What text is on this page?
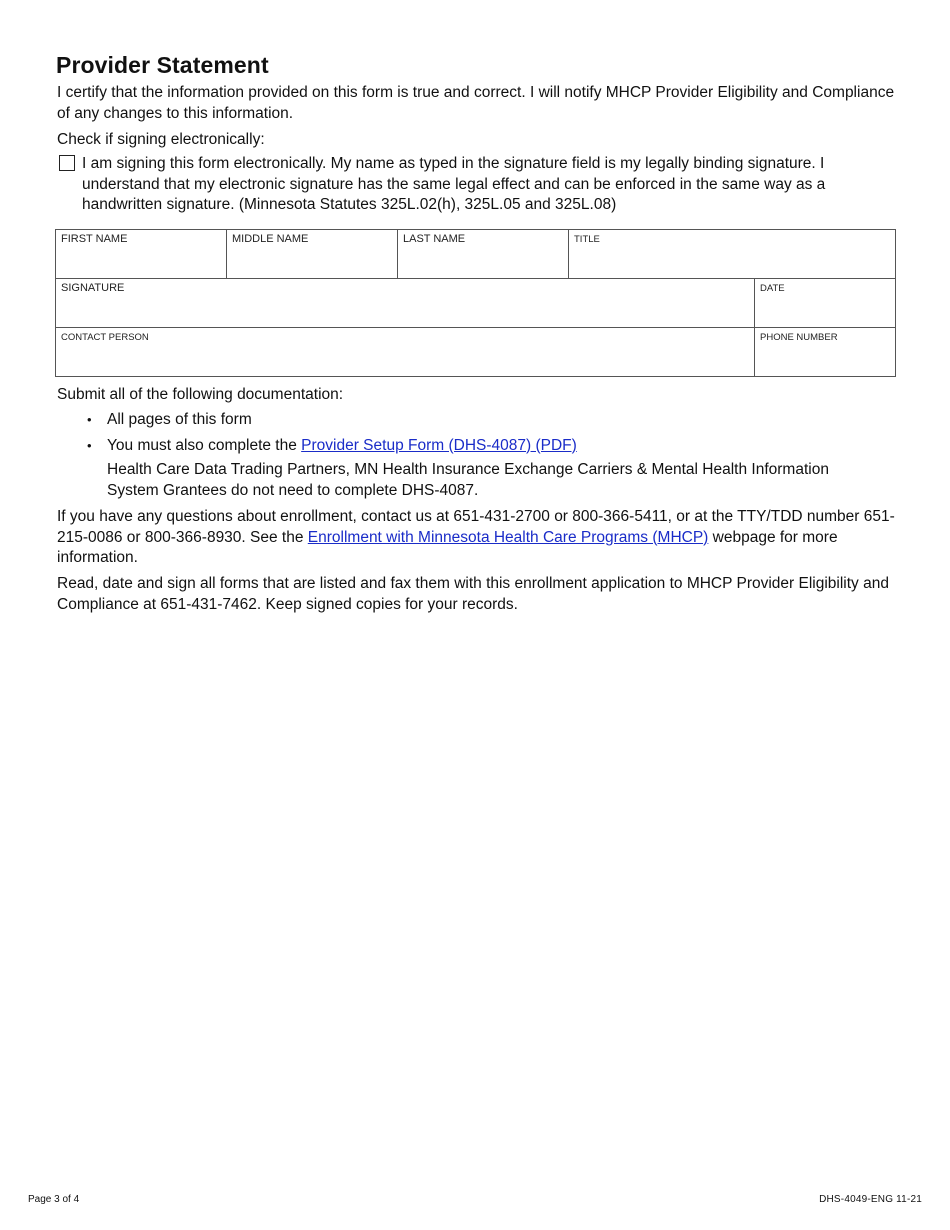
Provider Statement

I certify that the information provided on this form is true and correct. I will notify MHCP Provider Eligibility and Compliance of any changes to this information.

Check if signing electronically:

I am signing this form electronically. My name as typed in the signature field is my legally binding signature. I understand that my electronic signature has the same legal effect and can be enforced in the same way as a handwritten signature. (Minnesota Statutes 325L.02(h), 325L.05 and 325L.08)

FIRST NAME	MIDDLE NAME	LAST NAME	TITLE	

SIGNATURE				DATE

CONTACT PERSON				PHONE NUMBER

Submit all of the following documentation:

• All pages of this form
• You must also complete the Provider Setup Form (DHS-4087) (PDF)
Health Care Data Trading Partners, MN Health Insurance Exchange Carriers & Mental Health Information System Grantees do not need to complete DHS-4087.

If you have any questions about enrollment, contact us at 651-431-2700 or 800-366-5411, or at the TTY/TDD number 651-215-0086 or 800-366-8930. See the Enrollment with Minnesota Health Care Programs (MHCP) webpage for more information.

Read, date and sign all forms that are listed and fax them with this enrollment application to MHCP Provider Eligibility and Compliance at 651-431-7462. Keep signed copies for your records.

Page 3 of 4	DHS-4049-ENG 11-21
